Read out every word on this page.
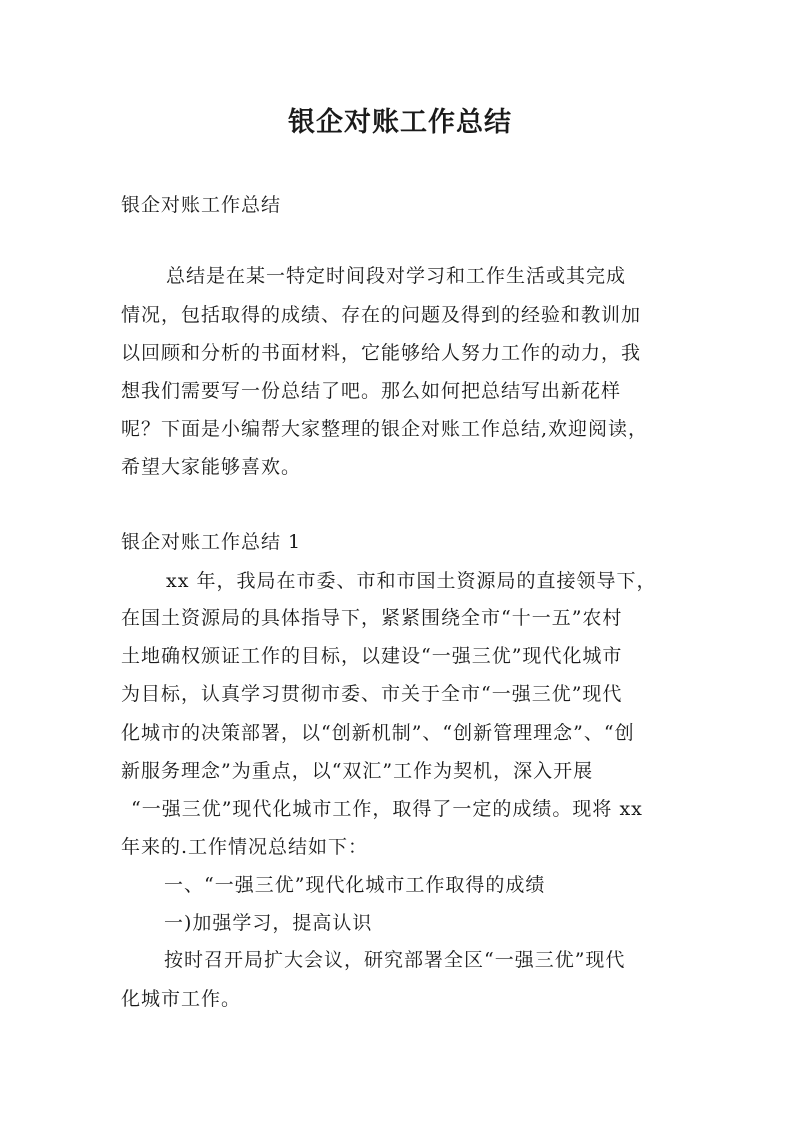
银企对账工作总结
银企对账工作总结
总结是在某一特定时间段对学习和工作生活或其完成
情况，包括取得的成绩、存在的问题及得到的经验和教训加
以回顾和分析的书面材料，它能够给人努力工作的动力，我
想我们需要写一份总结了吧。那么如何把总结写出新花样
呢？下面是小编帮大家整理的银企对账工作总结,欢迎阅读，
希望大家能够喜欢。
银企对账工作总结 1
xx 年，我局在市委、市和市国土资源局的直接领导下，
在国土资源局的具体指导下，紧紧围绕全市“十一五”农村
土地确权颁证工作的目标，以建设“一强三优”现代化城市
为目标，认真学习贯彻市委、市关于全市“一强三优”现代
化城市的决策部署，以“创新机制”、“创新管理理念”、“创
新服务理念”为重点，以“双汇”工作为契机，深入开展
“一强三优”现代化城市工作，取得了一定的成绩。现将 xx
年来的.工作情况总结如下：
一、“一强三优”现代化城市工作取得的成绩
一)加强学习，提高认识
按时召开局扩大会议，研究部署全区“一强三优”现代
化城市工作。
